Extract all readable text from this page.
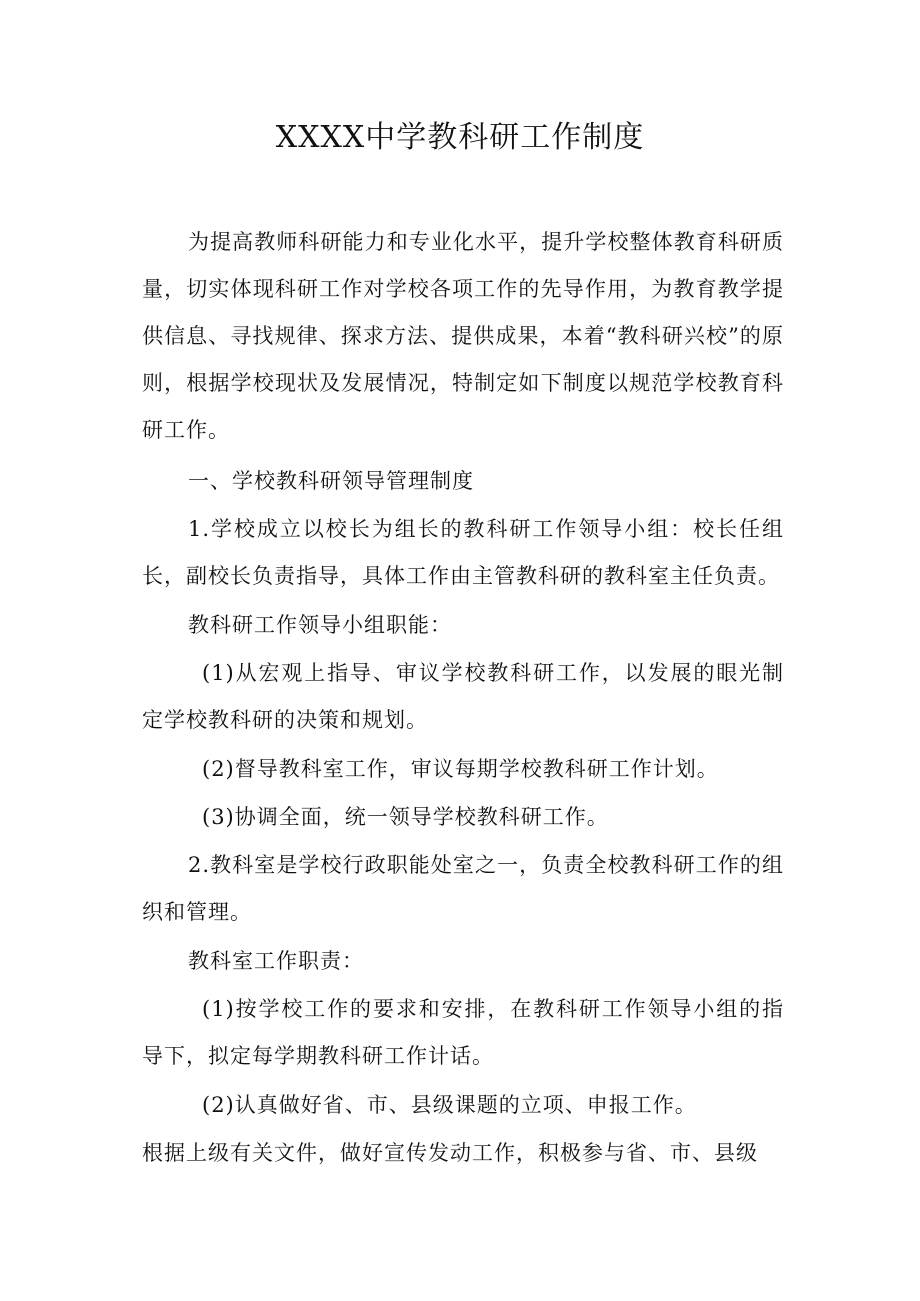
XXXX中学教科研工作制度

为提高教师科研能力和专业化水平，提升学校整体教育科研质量，切实体现科研工作对学校各项工作的先导作用，为教育教学提供信息、寻找规律、探求方法、提供成果，本着“教科研兴校”的原则，根据学校现状及发展情况，特制定如下制度以规范学校教育科研工作。

一、学校教科研领导管理制度

1.学校成立以校长为组长的教科研工作领导小组：校长任组长，副校长负责指导，具体工作由主管教科研的教科室主任负责。

教科研工作领导小组职能：

(1)从宏观上指导、审议学校教科研工作，以发展的眼光制定学校教科研的决策和规划。

(2)督导教科室工作，审议每期学校教科研工作计划。

(3)协调全面，统一领导学校教科研工作。

2.教科室是学校行政职能处室之一，负责全校教科研工作的组织和管理。

教科室工作职责：

(1)按学校工作的要求和安排，在教科研工作领导小组的指导下，拟定每学期教科研工作计话。

(2)认真做好省、市、县级课题的立项、申报工作。

根据上级有关文件，做好宣传发动工作，积极参与省、市、县级
